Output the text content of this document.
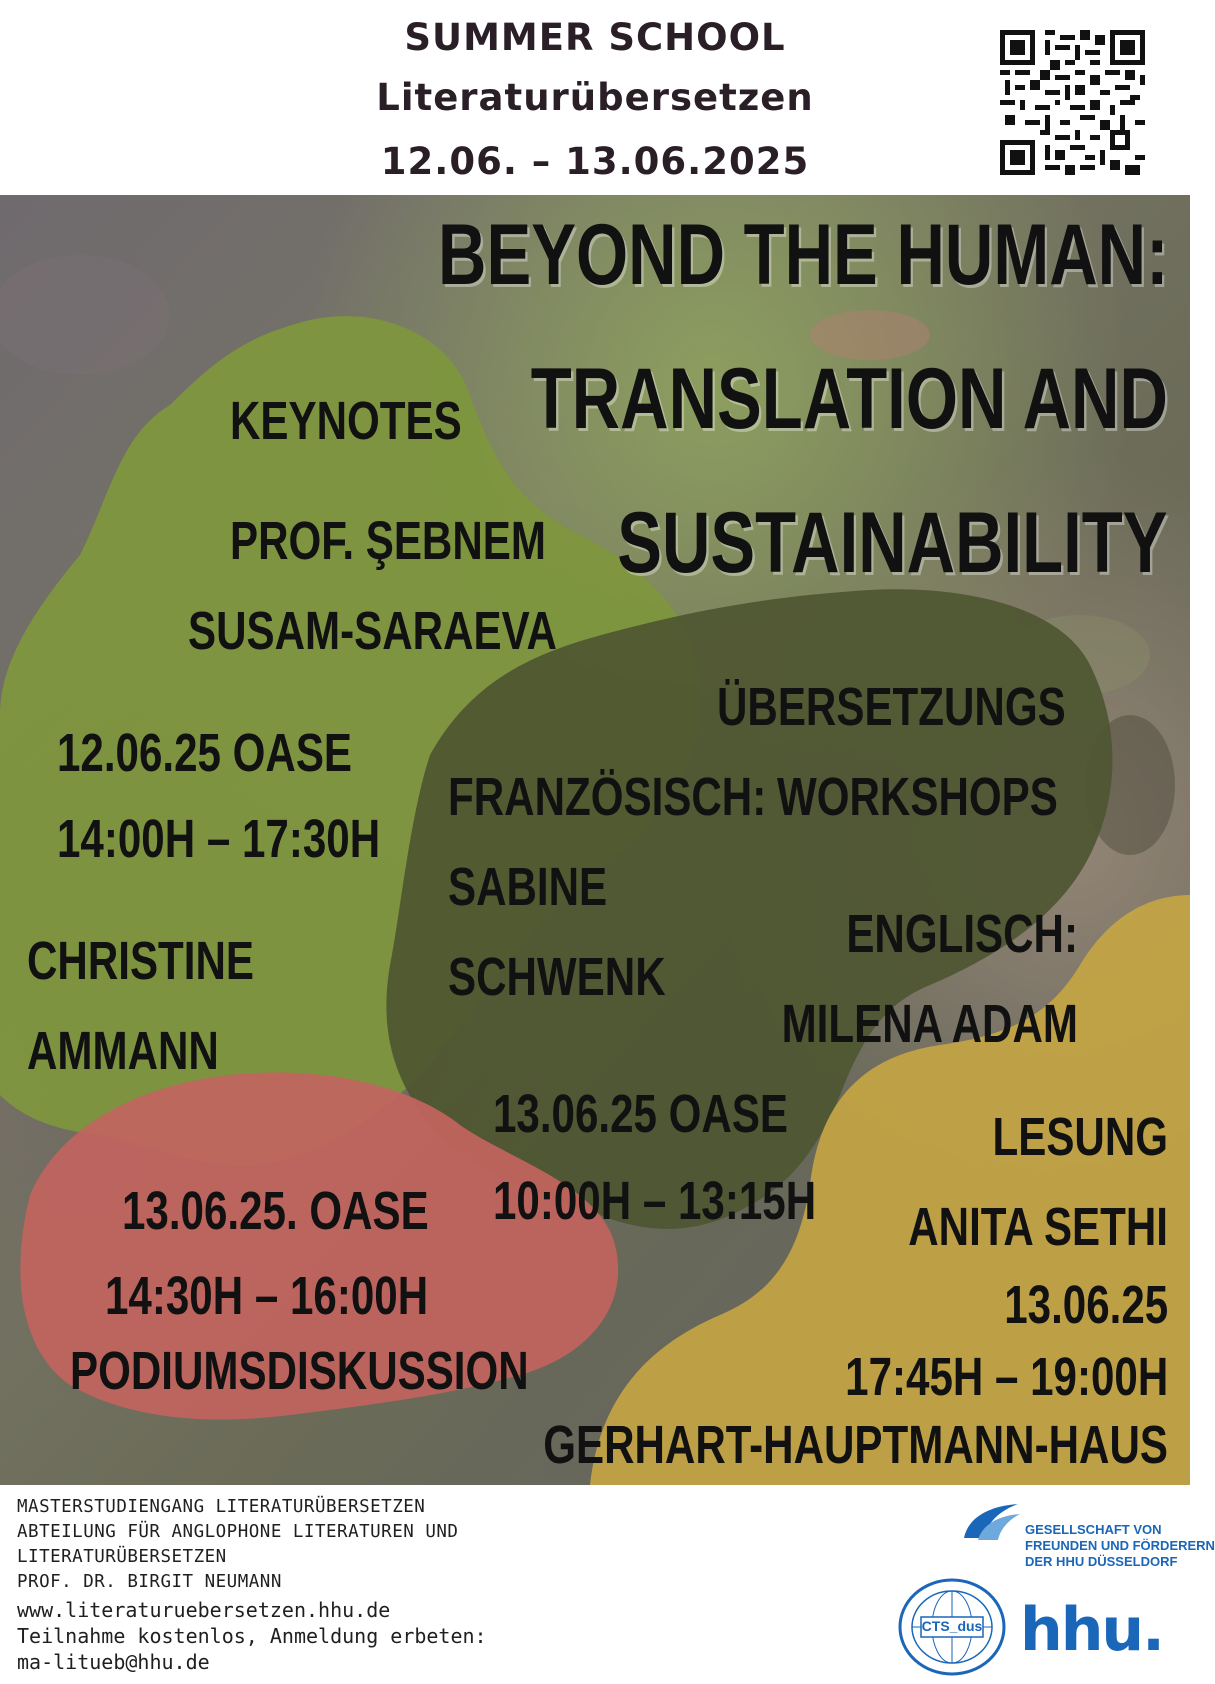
SUMMER SCHOOL
Literaturübersetzen
12.06. – 13.06.2025
BEYOND THE HUMAN:
TRANSLATION AND
SUSTAINABILITY
KEYNOTES
PROF. ŞEBNEM
SUSAM-SARAEVA
12.06.25 OASE
14:00H – 17:30H
CHRISTINE
AMMANN
ÜBERSETZUNGS
WORKSHOPS
FRANZÖSISCH:
SABINE
SCHWENK
ENGLISCH:
MILENA ADAM
13.06.25 OASE
10:00H – 13:15H
13.06.25. OASE
14:30H – 16:00H
PODIUMSDISKUSSION
LESUNG
ANITA SETHI
13.06.25
17:45H – 19:00H
GERHART-HAUPTMANN-HAUS
MASTERSTUDIENGANG LITERATURÜBERSETZEN
ABTEILUNG FÜR ANGLOPHONE LITERATUREN UND
LITERATURÜBERSETZEN
PROF. DR. BIRGIT NEUMANN
www.literaturuebersetzen.hhu.de
Teilnahme kostenlos, Anmeldung erbeten:
ma-litueb@hhu.de
GESELLSCHAFT VON
FREUNDEN UND FÖRDERERN
DER HHU DÜSSELDORF
CTS_dus hhu.
